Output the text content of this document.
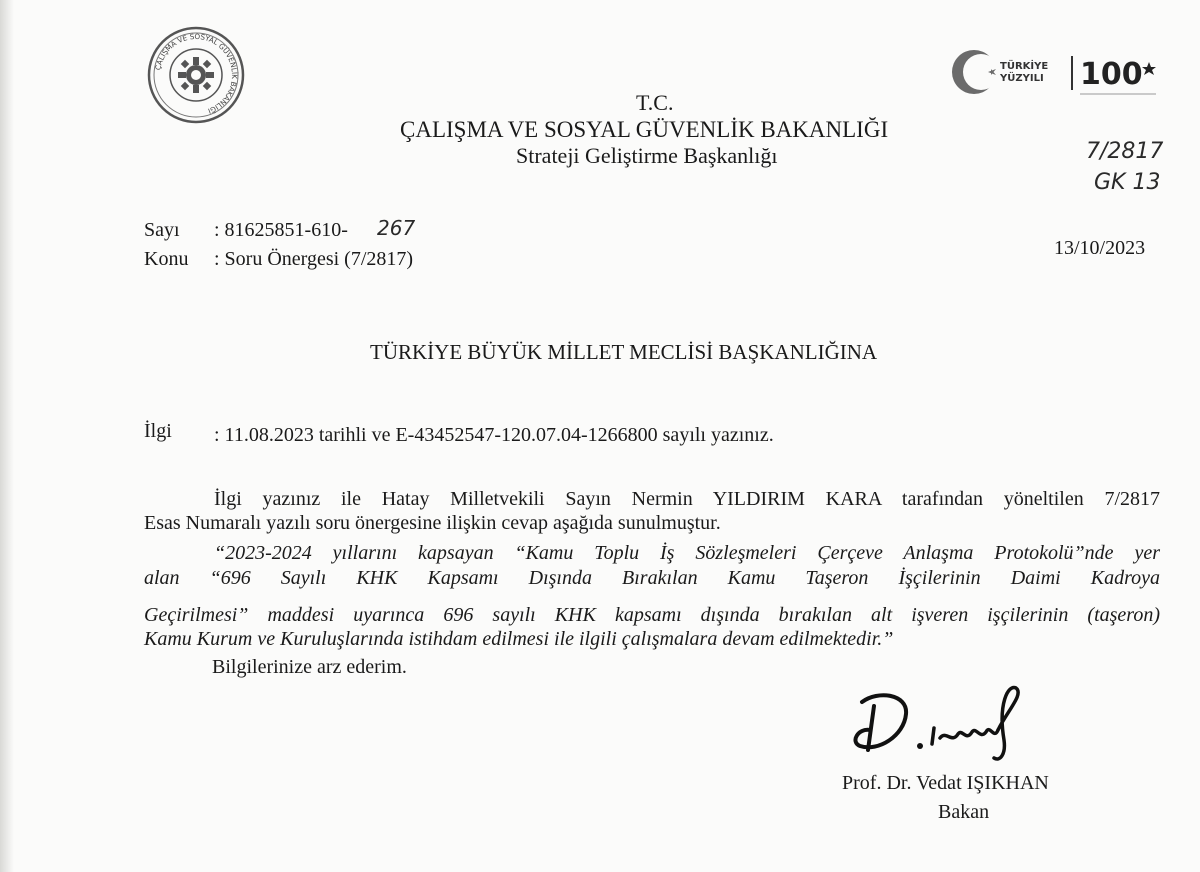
ÇALIŞMA VE SOSYAL GÜVENLİK BAKANLIĞI
TÜRKİYE
YÜZYILI 100
T.C.
ÇALIŞMA VE SOSYAL GÜVENLİK BAKANLIĞI
Strateji Geliştirme Başkanlığı	7/2817
GK 13
Sayı : 81625851-610- 267
Konu : Soru Önergesi (7/2817)	13/10/2023
TÜRKİYE BÜYÜK MİLLET MECLİSİ BAŞKANLIĞINA
İlgi : 11.08.2023 tarihli ve E-43452547-120.07.04-1266800 sayılı yazınız.
İlgi yazınız ile Hatay Milletvekili Sayın Nermin YILDIRIM KARA tarafından yöneltilen 7/2817
Esas Numaralı yazılı soru önergesine ilişkin cevap aşağıda sunulmuştur.
“2023-2024 yıllarını kapsayan “Kamu Toplu İş Sözleşmeleri Çerçeve Anlaşma Protokolü”nde yer
alan “696 Sayılı KHK Kapsamı Dışında Bırakılan Kamu Taşeron İşçilerinin Daimi Kadroya
Geçirilmesi” maddesi uyarınca 696 sayılı KHK kapsamı dışında bırakılan alt işveren işçilerinin (taşeron)
Kamu Kurum ve Kuruluşlarında istihdam edilmesi ile ilgili çalışmalara devam edilmektedir.”
Bilgilerinize arz ederim.
Prof. Dr. Vedat IŞIKHAN
Bakan
